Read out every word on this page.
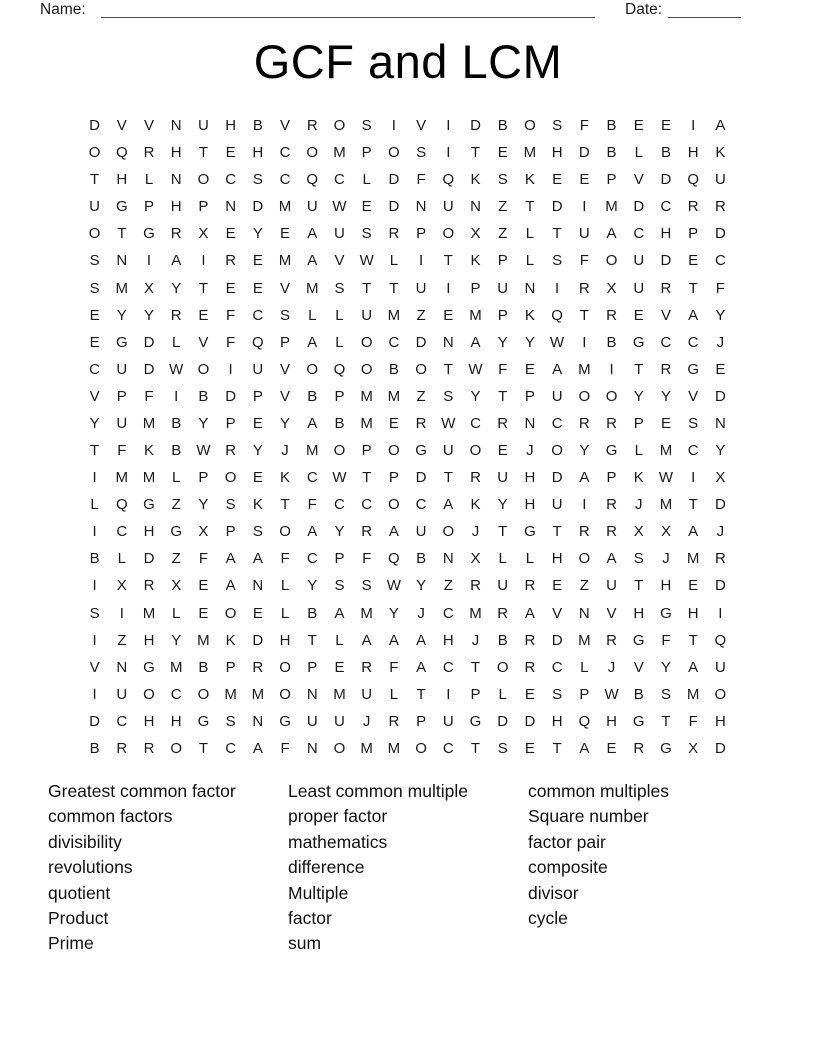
Name:	Date:
GCF and LCM
D	V	V	N	U	H	B	V	R	O	S	I	V	I	D	B	O	S	F	B	E	E	I	A
O	Q	R	H	T	E	H	C	O	M	P	O	S	I	T	E	M	H	D	B	L	B	H	K
T	H	L	N	O	C	S	C	Q	C	L	D	F	Q	K	S	K	E	E	P	V	D	Q	U
U	G	P	H	P	N	D	M	U W	E	D	N	U	N	Z	T	D	I	M	D	C	R	R
O	T	G	R	X	E	Y	E	A	U	S	R	P	O	X	Z	L	T	U	A	C	H	P	D
S	N	I	A	I	R	E	M	A	V	W	L	I	T	K	P	L	S	F	O	U	D	E	C
S	M	X	Y	T	E	E	V	M	S	T	T	U	I	P	U	N	I	R	X	U	R	T	F
E	Y	Y	R	E	F	C	S	L	L	U	M	Z	E	M	P	K	Q	T	R	E	V	A	Y
E	G	D	L	V	F	Q	P	A	L	O	C	D	N	A	Y	Y	W	I	B	G	C	C	J
C	U	D W O	I	U	V	O	Q	O	B	O	T	W	F	E	A	M	I	T	R	G	E
V	P	F	I	B	D	P	V	B	P	M M	Z	S	Y	T	P	U	O	O	Y	Y	V	D
Y	U	M	B	Y	P	E	Y	A	B	M	E	R W C	R	N	C	R	R	P	E	S	N
T	F	K	B	W R	Y	J	M	O	P	O	G	U	O	E	J	O	Y	G	L	M	C	Y
I	M M	L	P	O	E	K	C W	T	P	D	T	R	U	H	D	A	P	K	W	I	X
L	Q	G	Z	Y	S	K	T	F	C	C	O	C	A	K	Y	H	U	I	R	J	M	T	D
I	C	H	G	X	P	S	O	A	Y	R	A	U	O	J	T	G	T	R	R	X	X	A	J
B	L	D	Z	F	A	A	F	C	P	F	Q	B	N	X	L	L	H	O	A	S	J	M	R
I	X	R	X	E	A	N	L	Y	S	S	W	Y	Z	R	U	R	E	Z	U	T	H	E	D
S	I	M	L	E	O	E	L	B	A	M	Y	J	C	M	R	A	V	N	V	H	G	H	I
I	Z	H	Y	M	K	D	H	T	L	A	A	A	H	J	B	R	D	M	R	G	F	T	Q
V	N	G	M	B	P	R	O	P	E	R	F	A	C	T	O	R	C	L	J	V	Y	A	U
I	U	O	C	O	M M	O	N	M	U	L	T	I	P	L	E	S	P	W	B	S	M	O
D	C	H	H	G	S	N	G	U	U	J	R	P	U	G	D	D	H	Q	H	G	T	F	H
B	R	R	O	T	C	A	F	N	O	M M	O	C	T	S	E	T	A	E	R	G	X	D
Greatest common factor
common factors
divisibility
revolutions
quotient
Product
Prime
Least common multiple
proper factor
mathematics
difference
Multiple
factor
sum
common multiples
Square number
factor pair
composite
divisor
cycle
